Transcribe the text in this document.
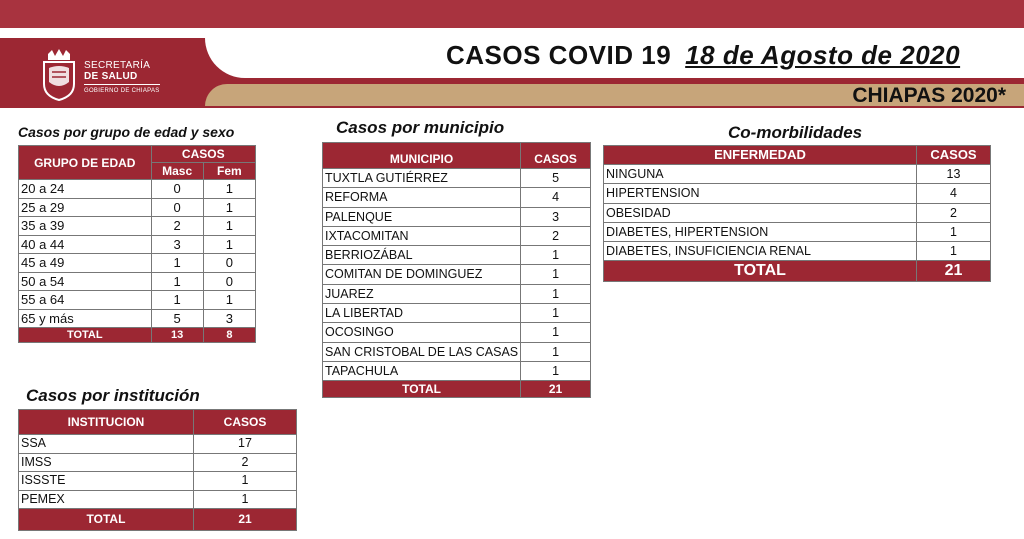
SECRETARÍA
DE SALUD
GOBIERNO DE CHIAPAS
CASOS COVID 19 18 de Agosto de 2020
CHIAPAS 2020*
Casos por grupo de edad y sexo
GRUPO DE EDAD	CASOS	
	Masc	Fem
20 a 24	0	1
25 a 29	0	1
35 a 39	2	1
40 a 44	3	1
45 a 49	1	0
50 a 54	1	0
55 a 64	1	1
65 y más	5	3
TOTAL	13	8
Casos por municipio
MUNICIPIO	CASOS
TUXTLA GUTIÉRREZ	5
REFORMA	4
PALENQUE	3
IXTACOMITAN	2
BERRIOZÁBAL	1
COMITAN DE DOMINGUEZ	1
JUAREZ	1
LA LIBERTAD	1
OCOSINGO	1
SAN CRISTOBAL DE LAS CASAS	1
TAPACHULA	1
TOTAL	21
Co-morbilidades
ENFERMEDAD	CASOS
NINGUNA	13
HIPERTENSION	4
OBESIDAD	2
DIABETES, HIPERTENSION	1
DIABETES, INSUFICIENCIA RENAL	1
TOTAL	21
Casos por institución
INSTITUCION	CASOS
SSA	17
IMSS	2
ISSSTE	1
PEMEX	1
TOTAL	21
